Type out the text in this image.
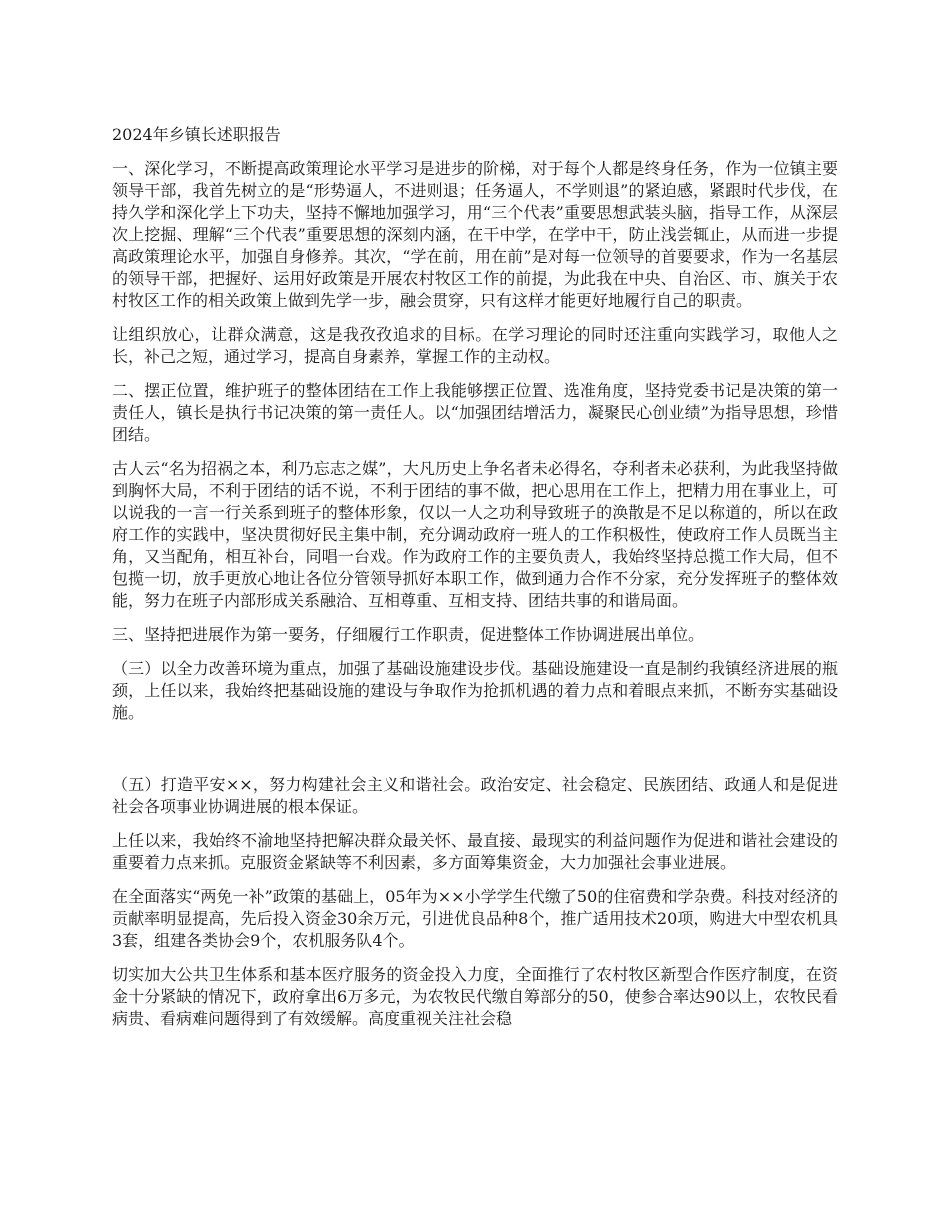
2024年乡镇长述职报告

一、深化学习，不断提高政策理论水平学习是进步的阶梯，对于每个人都是终身任务，作为一位镇主要领导干部，我首先树立的是“形势逼人，不进则退；任务逼人，不学则退”的紧迫感，紧跟时代步伐，在持久学和深化学上下功夫，坚持不懈地加强学习，用“三个代表”重要思想武装头脑，指导工作，从深层次上挖掘、理解“三个代表”重要思想的深刻内涵，在干中学，在学中干，防止浅尝辄止，从而进一步提高政策理论水平，加强自身修养。其次，“学在前，用在前”是对每一位领导的首要要求，作为一名基层的领导干部，把握好、运用好政策是开展农村牧区工作的前提，为此我在中央、自治区、市、旗关于农村牧区工作的相关政策上做到先学一步，融会贯穿，只有这样才能更好地履行自己的职责。

让组织放心，让群众满意，这是我孜孜追求的目标。在学习理论的同时还注重向实践学习，取他人之长，补己之短，通过学习，提高自身素养，掌握工作的主动权。

二、摆正位置，维护班子的整体团结在工作上我能够摆正位置、选准角度，坚持党委书记是决策的第一责任人，镇长是执行书记决策的第一责任人。以“加强团结增活力，凝聚民心创业绩”为指导思想，珍惜团结。

古人云“名为招祸之本，利乃忘志之媒”，大凡历史上争名者未必得名，夺利者未必获利，为此我坚持做到胸怀大局，不利于团结的话不说，不利于团结的事不做，把心思用在工作上，把精力用在事业上，可以说我的一言一行关系到班子的整体形象，仅以一人之功利导致班子的涣散是不足以称道的，所以在政府工作的实践中，坚决贯彻好民主集中制，充分调动政府一班人的工作积极性，使政府工作人员既当主角，又当配角，相互补台，同唱一台戏。作为政府工作的主要负责人，我始终坚持总揽工作大局，但不包揽一切，放手更放心地让各位分管领导抓好本职工作，做到通力合作不分家，充分发挥班子的整体效能，努力在班子内部形成关系融洽、互相尊重、互相支持、团结共事的和谐局面。

三、坚持把进展作为第一要务，仔细履行工作职责，促进整体工作协调进展出单位。

（三）以全力改善环境为重点，加强了基础设施建设步伐。基础设施建设一直是制约我镇经济进展的瓶颈，上任以来，我始终把基础设施的建设与争取作为抢抓机遇的着力点和着眼点来抓，不断夯实基础设施。

（五）打造平安××，努力构建社会主义和谐社会。政治安定、社会稳定、民族团结、政通人和是促进社会各项事业协调进展的根本保证。

上任以来，我始终不渝地坚持把解决群众最关怀、最直接、最现实的利益问题作为促进和谐社会建设的重要着力点来抓。克服资金紧缺等不利因素，多方面筹集资金，大力加强社会事业进展。

在全面落实“两免一补”政策的基础上，05年为××小学学生代缴了50的住宿费和学杂费。科技对经济的贡献率明显提高，先后投入资金30余万元，引进优良品种8个，推广适用技术20项，购进大中型农机具3套，组建各类协会9个，农机服务队4个。

切实加大公共卫生体系和基本医疗服务的资金投入力度，全面推行了农村牧区新型合作医疗制度，在资金十分紧缺的情况下，政府拿出6万多元，为农牧民代缴自筹部分的50，使参合率达90以上，农牧民看病贵、看病难问题得到了有效缓解。高度重视关注社会稳
